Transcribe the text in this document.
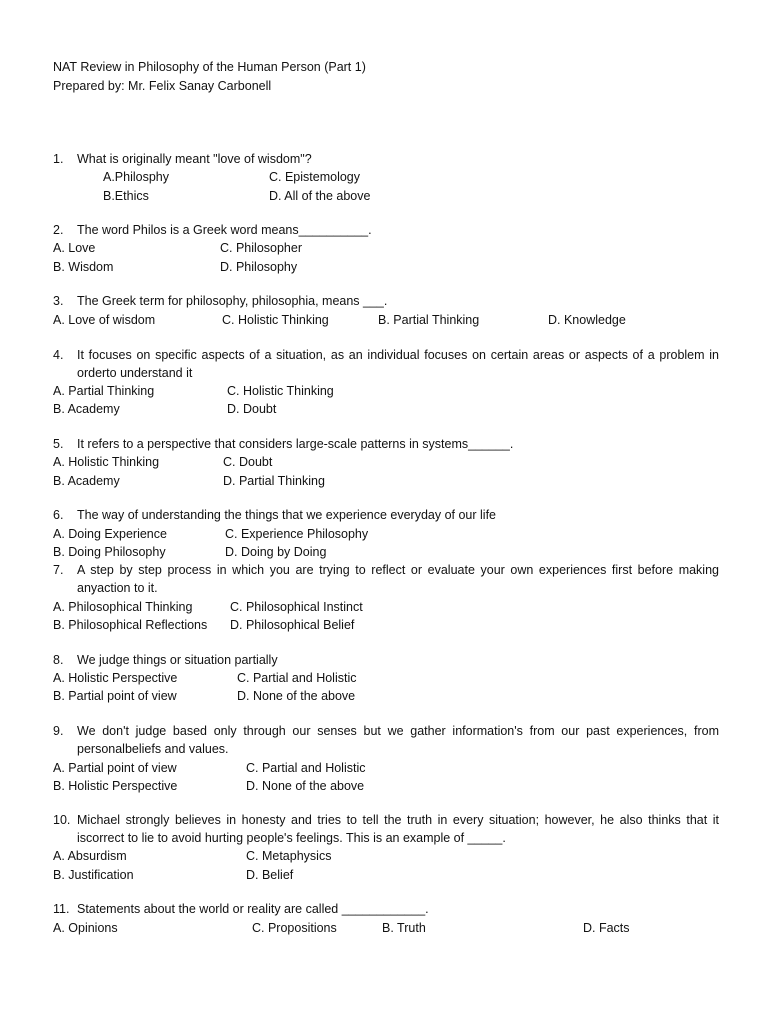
NAT Review in Philosophy of the Human Person (Part 1)
Prepared by: Mr. Felix Sanay Carbonell
1. What is originally meant "love of wisdom"?
A.Philosphy	C. Epistemology
B.Ethics	D. All of the above
2. The word Philos is a Greek word means__________.
A. Love	C. Philosopher
B. Wisdom	D. Philosophy
3. The Greek term for philosophy, philosophia, means ___.
A. Love of wisdom	C. Holistic Thinking	B. Partial Thinking	D. Knowledge
4. It focuses on specific aspects of a situation, as an individual focuses on certain areas or aspects of a problem in orderto understand it
A. Partial Thinking	C. Holistic Thinking
B. Academy	D. Doubt
5. It refers to a perspective that considers large-scale patterns in systems______.
A. Holistic Thinking	C. Doubt
B. Academy	D. Partial Thinking
6. The way of understanding the things that we experience everyday of our life
A. Doing Experience	C. Experience Philosophy
B. Doing Philosophy	D. Doing by Doing
7. A step by step process in which you are trying to reflect or evaluate your own experiences first before making anyaction to it.
A. Philosophical Thinking	C. Philosophical Instinct
B. Philosophical Reflections D. Philosophical Belief
8. We judge things or situation partially
A. Holistic Perspective	C. Partial and Holistic
B. Partial point of view	D. None of the above
9. We don't judge based only through our senses but we gather information's from our past experiences, from personalbeliefs and values.
A. Partial point of view	C. Partial and Holistic
B. Holistic Perspective	D. None of the above
10. Michael strongly believes in honesty and tries to tell the truth in every situation; however, he also thinks that it iscorrect to lie to avoid hurting people's feelings. This is an example of _____.
A. Absurdism	C. Metaphysics
B. Justification	D. Belief
11. Statements about the world or reality are called ____________.
A. Opinions	C. Propositions	B. Truth	D. Facts
